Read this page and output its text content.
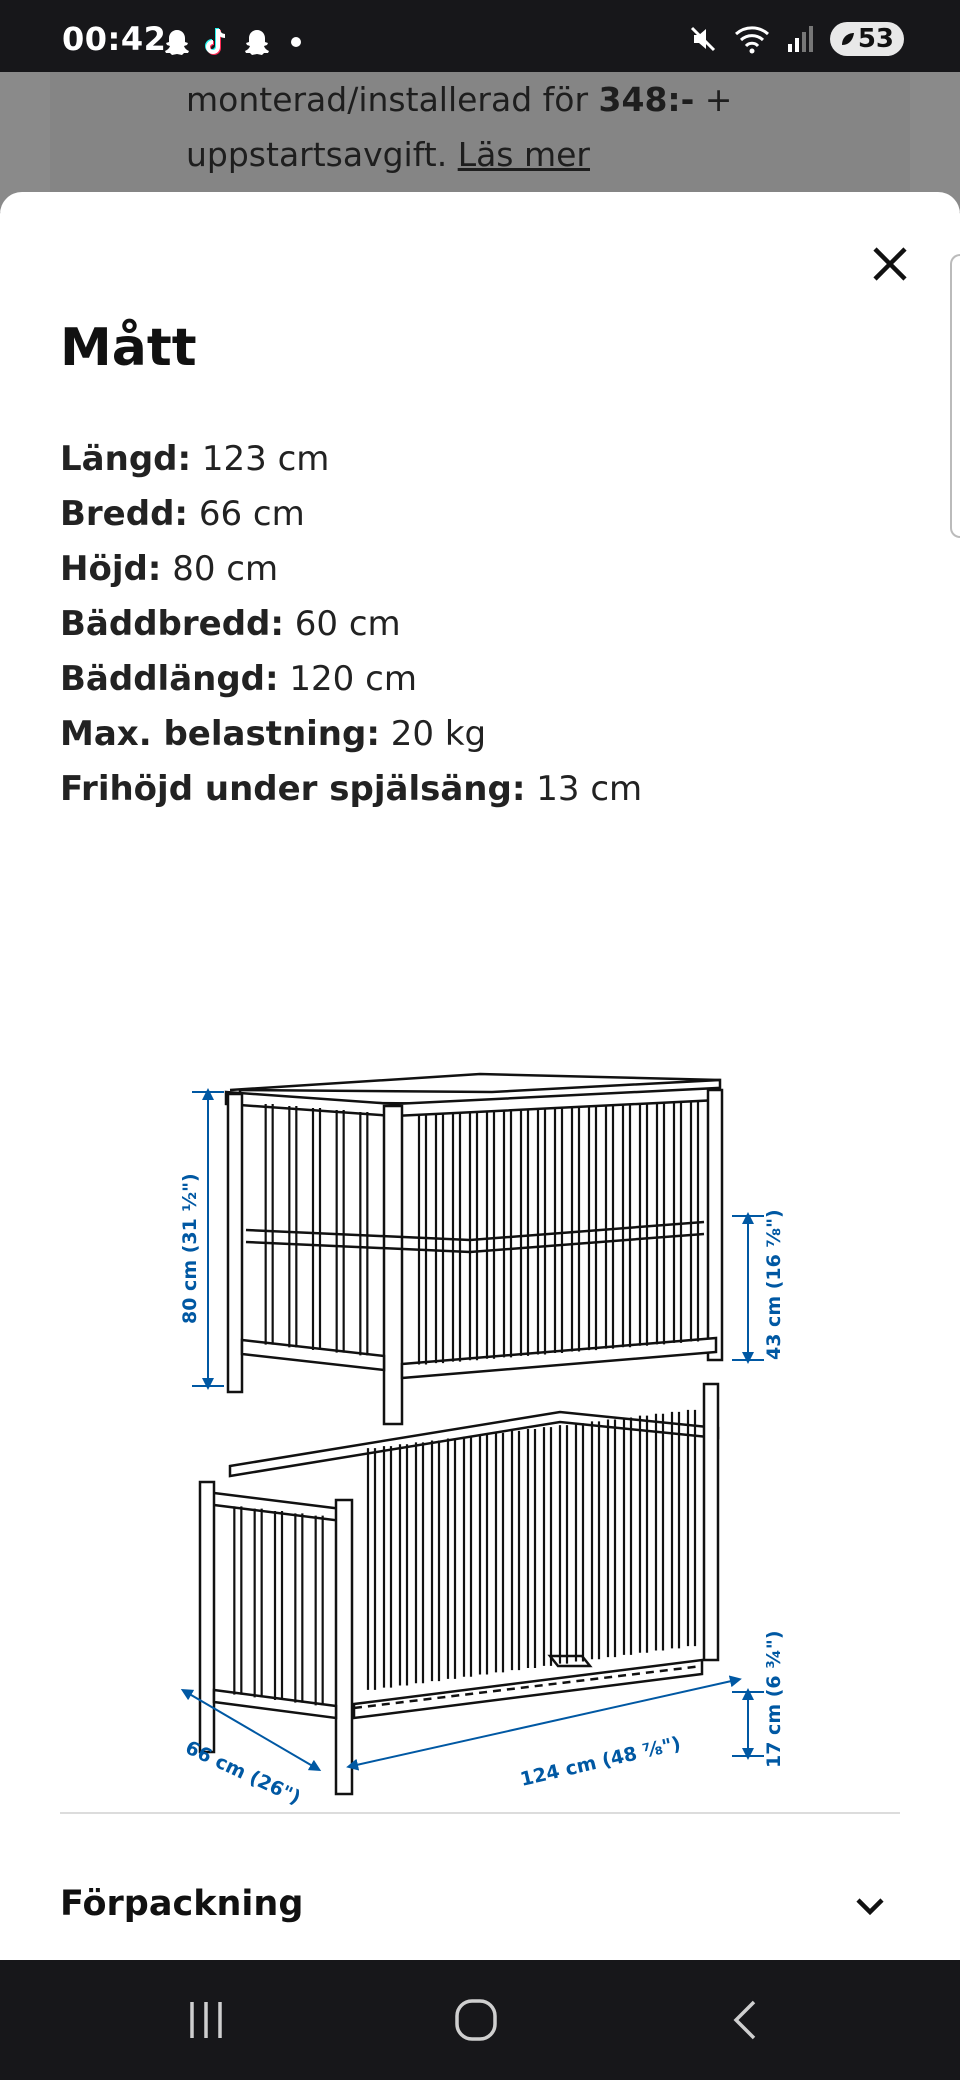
00:42	53
monterad/installerad för 348:- +
uppstartsavgift. Läs mer
Mått
Längd: 123 cm
Bredd: 66 cm
Höjd: 80 cm
Bäddbredd: 60 cm
Bäddlängd: 120 cm
Max. belastning: 20 kg
Frihöjd under spjälsäng: 13 cm
80 cm (31 ½")	43 cm (16 ⅞")
17 cm (6 ¾")
66 cm (26")	124 cm (48 ⅞")
Förpackning
